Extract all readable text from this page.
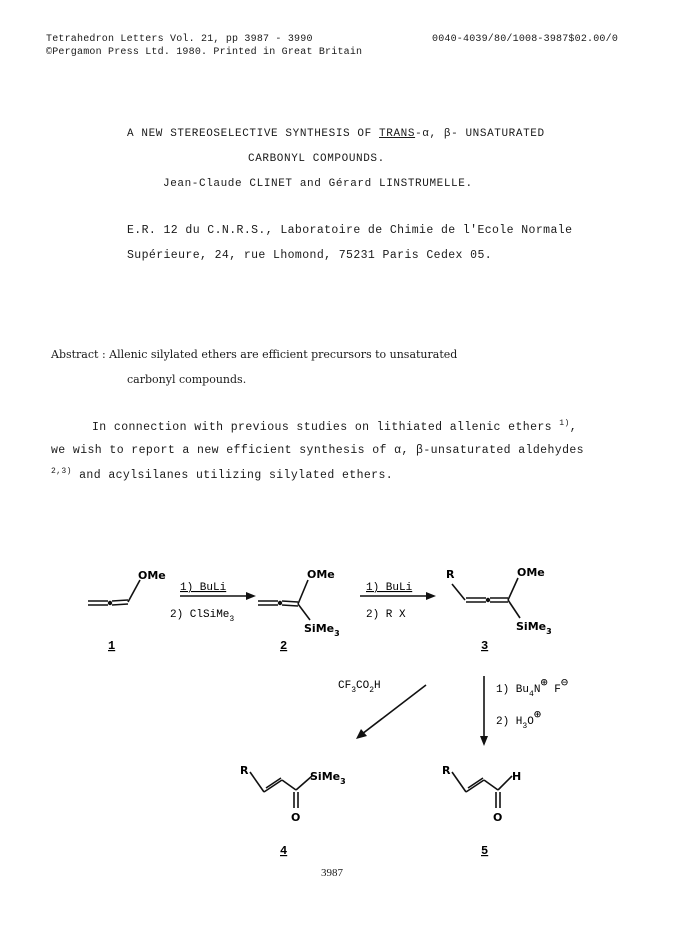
Tetrahedron Letters Vol. 21, pp 3987 - 3990
©Pergamon Press Ltd. 1980. Printed in Great Britain
0040-4039/80/1008-3987$02.00/0
A NEW STEREOSELECTIVE SYNTHESIS OF TRANS-α, β- UNSATURATED
CARBONYL COMPOUNDS.
Jean-Claude CLINET and Gérard LINSTRUMELLE.
E.R. 12 du C.N.R.S., Laboratoire de Chimie de l'Ecole Normale
Supérieure, 24, rue Lhomond, 75231 Paris Cedex 05.
Abstract : Allenic silylated ethers are efficient precursors to unsaturated
carbonyl compounds.
In connection with previous studies on lithiated allenic ethers $^{1)}$,
we wish to report a new efficient synthesis of α, β-unsaturated aldehydes
$^{2,3)}$ and acylsilanes utilizing silylated ethers.
OMe
1) BuLi
2) ClSiMe$_3$
OMe
SiMe$_3$
1) BuLi
2) R X
R	OMe
SiMe$_3$
$CF_3CO_2H$	1) $Bu_4N\oplus$ F⊖
2) $H_3O\oplus$
R	SiMe$_3$
O
R	H
O
1	2	3
4	5
3987
